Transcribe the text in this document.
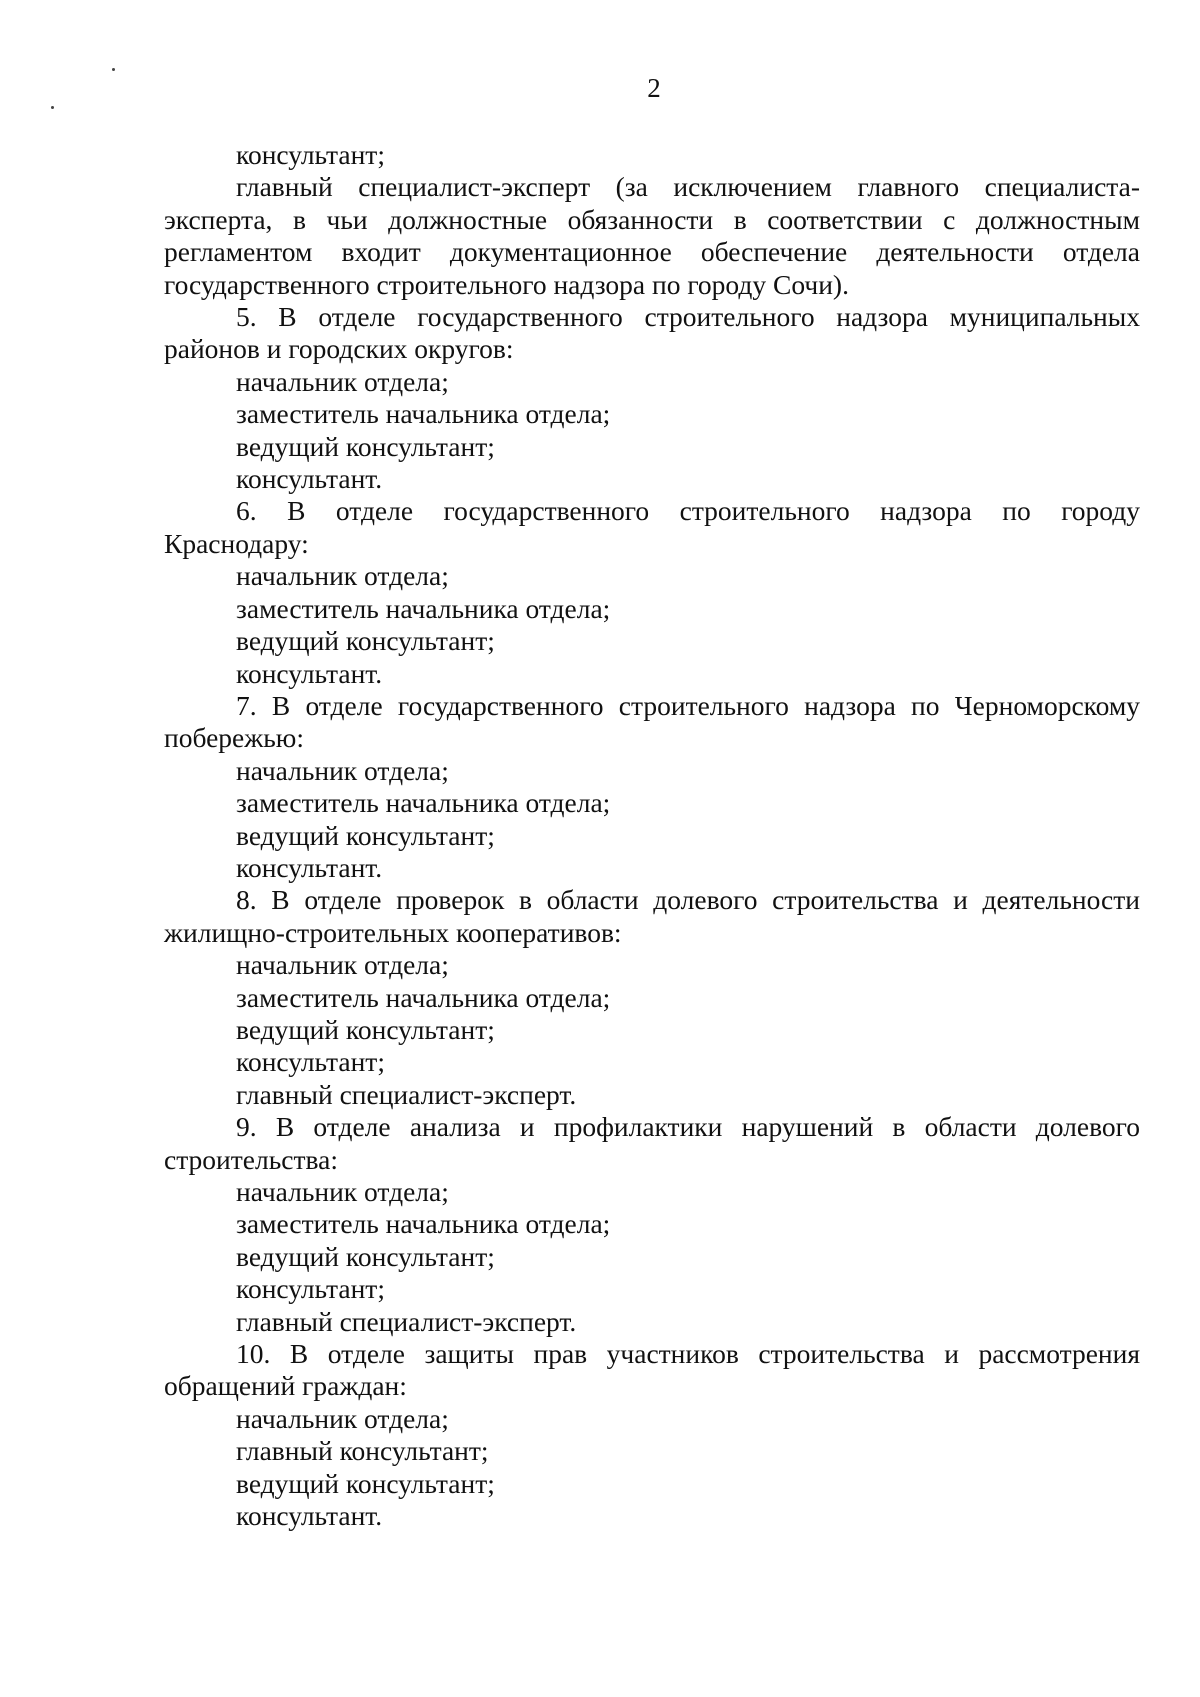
2
консультант;
главный специалист-эксперт (за исключением главного специалиста-
эксперта, в чьи должностные обязанности в соответствии с должностным
регламентом входит документационное обеспечение деятельности отдела
государственного строительного надзора по городу Сочи).
5. В отделе государственного строительного надзора муниципальных
районов и городских округов:
начальник отдела;
заместитель начальника отдела;
ведущий консультант;
консультант.
6. В отделе государственного строительного надзора по городу
Краснодару:
начальник отдела;
заместитель начальника отдела;
ведущий консультант;
консультант.
7. В отделе государственного строительного надзора по Черноморскому
побережью:
начальник отдела;
заместитель начальника отдела;
ведущий консультант;
консультант.
8. В отделе проверок в области долевого строительства и деятельности
жилищно-строительных кооперативов:
начальник отдела;
заместитель начальника отдела;
ведущий консультант;
консультант;
главный специалист-эксперт.
9. В отделе анализа и профилактики нарушений в области долевого
строительства:
начальник отдела;
заместитель начальника отдела;
ведущий консультант;
консультант;
главный специалист-эксперт.
10. В отделе защиты прав участников строительства и рассмотрения
обращений граждан:
начальник отдела;
главный консультант;
ведущий консультант;
консультант.
